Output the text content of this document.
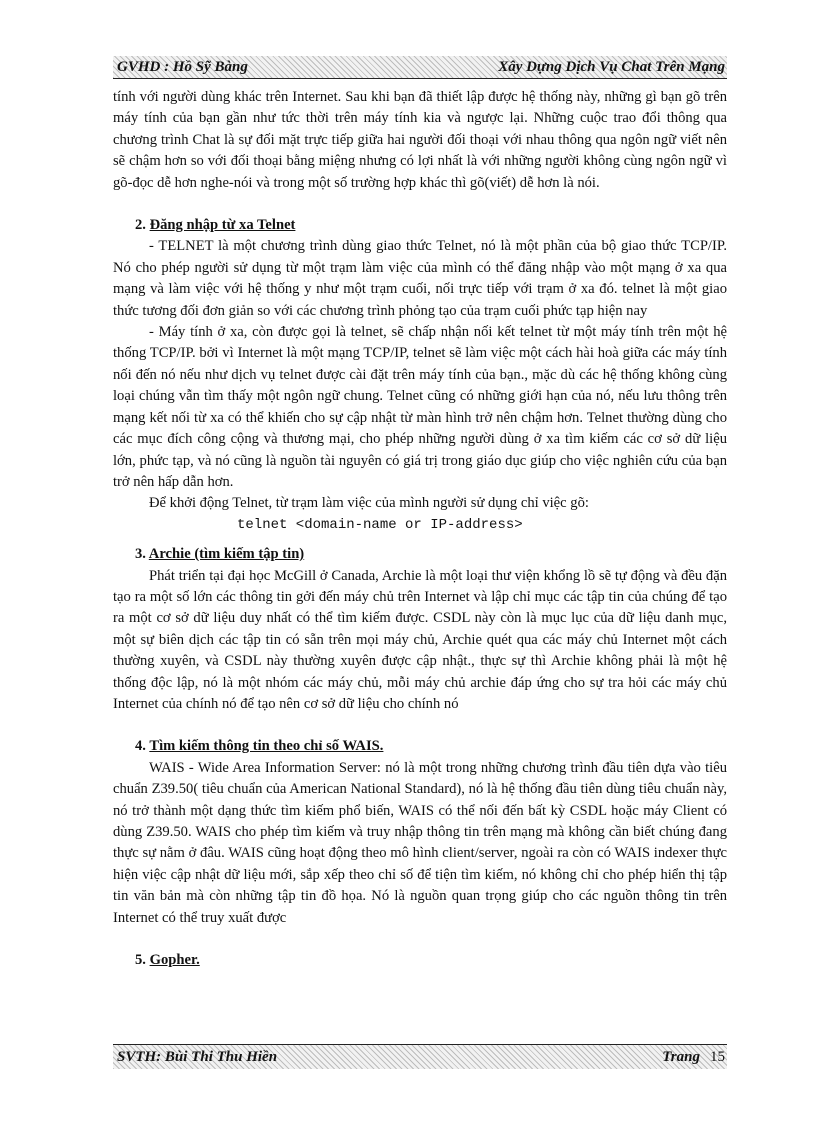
GVHD : Hồ Sỹ Bàng	Xây Dựng Dịch Vụ Chat Trên Mạng

tính với người dùng khác trên Internet. Sau khi bạn đã thiết lập được hệ thống này, những gì bạn gõ trên máy tính của bạn gần như tức thời trên máy tính kia và ngược lại. Những cuộc trao đổi thông qua chương trình Chat là sự đối mặt trực tiếp giữa hai người đối thoại với nhau thông qua ngôn ngữ viết nên sẽ chậm hơn so với đối thoại bằng miệng nhưng có lợi nhất là với những người không cùng ngôn ngữ vì gõ-đọc dễ hơn nghe-nói và trong một số trường hợp khác thì gõ(viết) dễ hơn là nói.

2. Đăng nhập từ xa Telnet

- TELNET là một chương trình dùng giao thức Telnet, nó là một phần của bộ giao thức TCP/IP. Nó cho phép người sử dụng từ một trạm làm việc của mình có thể đăng nhập vào một mạng ở xa qua mạng và làm việc với hệ thống y như một trạm cuối, nối trực tiếp với trạm ở xa đó. telnet là một giao thức tương đối đơn giản so với các chương trình phỏng tạo của trạm cuối phức tạp hiện nay

- Máy tính ở xa, còn được gọi là telnet, sẽ chấp nhận nối kết telnet từ một máy tính trên một hệ thống TCP/IP. bởi vì Internet là một mạng TCP/IP, telnet sẽ làm việc một cách hài hoà giữa các máy tính nối đến nó nếu như dịch vụ telnet được cài đặt trên máy tính của bạn., mặc dù các hệ thống không cùng loại chúng vẫn tìm thấy một ngôn ngữ chung. Telnet cũng có những giới hạn của nó, nếu lưu thông trên mạng kết nối từ xa có thể khiến cho sự cập nhật từ màn hình trở nên chậm hơn. Telnet thường dùng cho các mục đích công cộng và thương mại, cho phép những người dùng ở xa tìm kiếm các cơ sở dữ liệu lớn, phức tạp, và nó cũng là nguồn tài nguyên có giá trị trong giáo dục giúp cho việc nghiên cứu của bạn trở nên hấp dẫn hơn.

Để khởi động Telnet, từ trạm làm việc của mình người sử dụng chỉ việc gõ:

telnet <domain-name or IP-address>

3. Archie (tìm kiếm tập tin)

Phát triển tại đại học McGill ở Canada, Archie là một loại thư viện khổng lồ sẽ tự động và đều đặn tạo ra một số lớn các thông tin gởi đến máy chủ trên Internet và lập chỉ mục các tập tin của chúng để tạo ra một cơ sở dữ liệu duy nhất có thể tìm kiếm được. CSDL này còn là mục lục của dữ liệu danh mục, một sự biên dịch các tập tin có sẵn trên mọi máy chủ, Archie quét qua các máy chủ Internet một cách thường xuyên, và CSDL này thường xuyên được cập nhật., thực sự thì Archie không phải là một hệ thống độc lập, nó là một nhóm các máy chủ, mỗi máy chủ archie đáp ứng cho sự tra hỏi các máy chủ Internet của chính nó để tạo nên cơ sở dữ liệu cho chính nó

4. Tìm kiếm thông tin theo chỉ số WAIS.

WAIS - Wide Area Information Server: nó là một trong những chương trình đầu tiên dựa vào tiêu chuẩn Z39.50( tiêu chuẩn của American National Standard), nó là hệ thống đầu tiên dùng tiêu chuẩn này, nó trở thành một dạng thức tìm kiếm phổ biến, WAIS có thể nối đến bất kỳ CSDL hoặc máy Client có dùng Z39.50. WAIS cho phép tìm kiếm và truy nhập thông tin trên mạng mà không cần biết chúng đang thực sự nằm ở đâu. WAIS cũng hoạt động theo mô hình client/server, ngoài ra còn có WAIS indexer thực hiện việc cập nhật dữ liệu mới, sắp xếp theo chỉ số để tiện tìm kiếm, nó không chỉ cho phép hiển thị tập tin văn bản mà còn những tập tin đồ họa. Nó là nguồn quan trọng giúp cho các nguồn thông tin trên Internet có thể truy xuất được

5. Gopher.
SVTH: Bùi Thi Thu Hiền	Trang 15
